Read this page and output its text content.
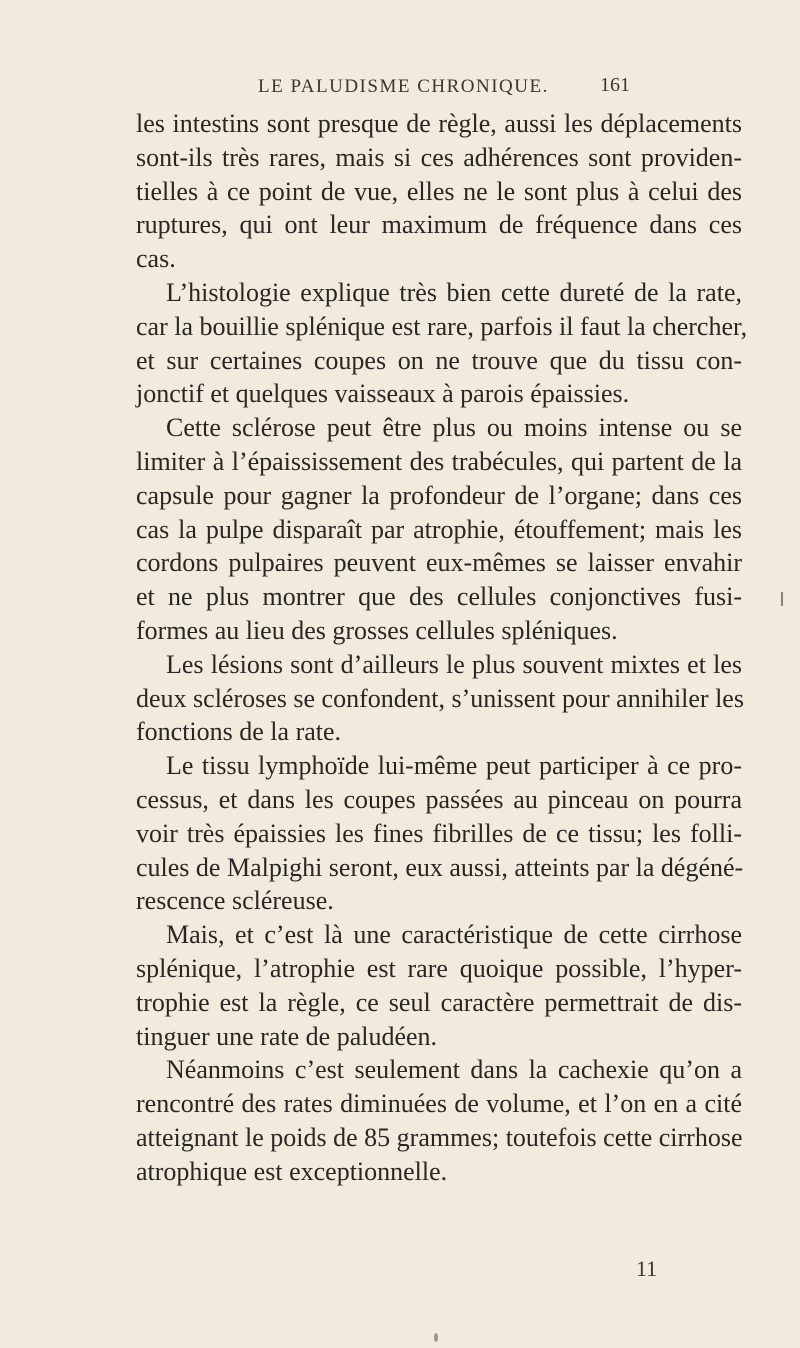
LE PALUDISME CHRONIQUE.	161
les intestins sont presque de règle, aussi les déplacements
sont-ils très rares, mais si ces adhérences sont providen-
tielles à ce point de vue, elles ne le sont plus à celui des
ruptures, qui ont leur maximum de fréquence dans ces
cas.
L’histologie explique très bien cette dureté de la rate,
car la bouillie splénique est rare, parfois il faut la chercher,
et sur certaines coupes on ne trouve que du tissu con-
jonctif et quelques vaisseaux à parois épaissies.
Cette sclérose peut être plus ou moins intense ou se
limiter à l’épaississement des trabécules, qui partent de la
capsule pour gagner la profondeur de l’organe; dans ces
cas la pulpe disparaît par atrophie, étouffement; mais les
cordons pulpaires peuvent eux-mêmes se laisser envahir
et ne plus montrer que des cellules conjonctives fusi-
formes au lieu des grosses cellules spléniques.
Les lésions sont d’ailleurs le plus souvent mixtes et les
deux scléroses se confondent, s’unissent pour annihiler les
fonctions de la rate.
Le tissu lymphoïde lui-même peut participer à ce pro-
cessus, et dans les coupes passées au pinceau on pourra
voir très épaissies les fines fibrilles de ce tissu; les folli-
cules de Malpighi seront, eux aussi, atteints par la dégéné-
rescence scléreuse.
Mais, et c’est là une caractéristique de cette cirrhose
splénique, l’atrophie est rare quoique possible, l’hyper-
trophie est la règle, ce seul caractère permettrait de dis-
tinguer une rate de paludéen.
Néanmoins c’est seulement dans la cachexie qu’on a
rencontré des rates diminuées de volume, et l’on en a cité
atteignant le poids de 85 grammes; toutefois cette cirrhose
atrophique est exceptionnelle.
11
